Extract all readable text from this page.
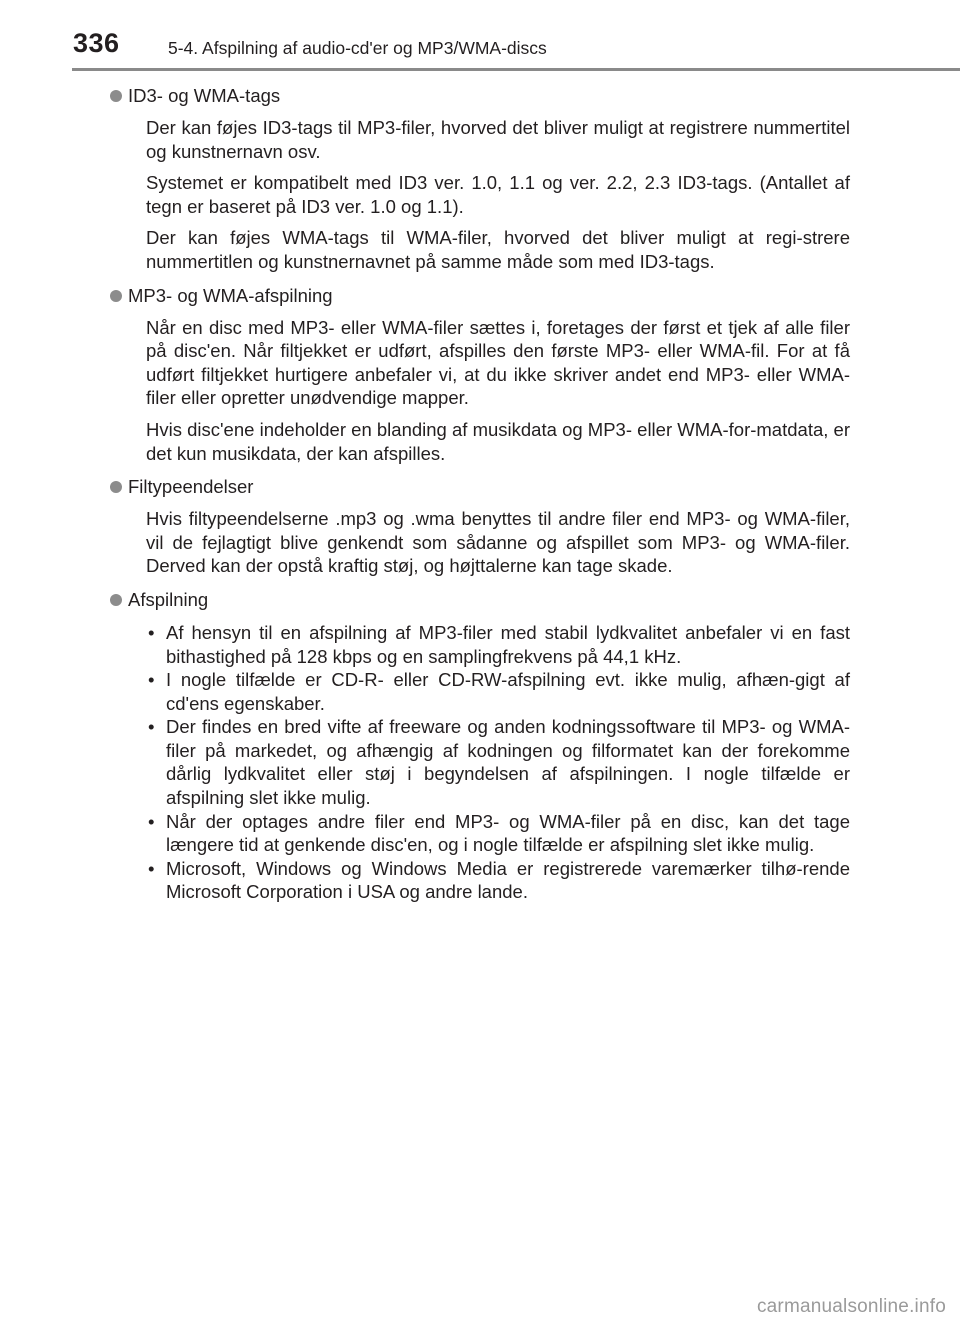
336	5-4. Afspilning af audio-cd'er og MP3/WMA-discs
ID3- og WMA-tags

Der kan føjes ID3-tags til MP3-filer, hvorved det bliver muligt at registrere nummertitel og kunstnernavn osv.

Systemet er kompatibelt med ID3 ver. 1.0, 1.1 og ver. 2.2, 2.3 ID3-tags. (Antallet af tegn er baseret på ID3 ver. 1.0 og 1.1).

Der kan føjes WMA-tags til WMA-filer, hvorved det bliver muligt at regi-strere nummertitlen og kunstnernavnet på samme måde som med ID3-tags.

MP3- og WMA-afspilning

Når en disc med MP3- eller WMA-filer sættes i, foretages der først et tjek af alle filer på disc'en. Når filtjekket er udført, afspilles den første MP3- eller WMA-fil. For at få udført filtjekket hurtigere anbefaler vi, at du ikke skriver andet end MP3- eller WMA-filer eller opretter unødvendige mapper.

Hvis disc'ene indeholder en blanding af musikdata og MP3- eller WMA-for-matdata, er det kun musikdata, der kan afspilles.

Filtypeendelser

Hvis filtypeendelserne .mp3 og .wma benyttes til andre filer end MP3- og WMA-filer, vil de fejlagtigt blive genkendt som sådanne og afspillet som MP3- og WMA-filer. Derved kan der opstå kraftig støj, og højttalerne kan tage skade.

Afspilning
• Af hensyn til en afspilning af MP3-filer med stabil lydkvalitet anbefaler vi en fast bithastighed på 128 kbps og en samplingfrekvens på 44,1 kHz.
• I nogle tilfælde er CD-R- eller CD-RW-afspilning evt. ikke mulig, afhæn-gigt af cd'ens egenskaber.
• Der findes en bred vifte af freeware og anden kodningssoftware til MP3- og WMA-filer på markedet, og afhængig af kodningen og filformatet kan der forekomme dårlig lydkvalitet eller støj i begyndelsen af afspilningen. I nogle tilfælde er afspilning slet ikke mulig.
• Når der optages andre filer end MP3- og WMA-filer på en disc, kan det tage længere tid at genkende disc'en, og i nogle tilfælde er afspilning slet ikke mulig.
• Microsoft, Windows og Windows Media er registrerede varemærker tilhø-rende Microsoft Corporation i USA og andre lande.
carmanualsonline.info
